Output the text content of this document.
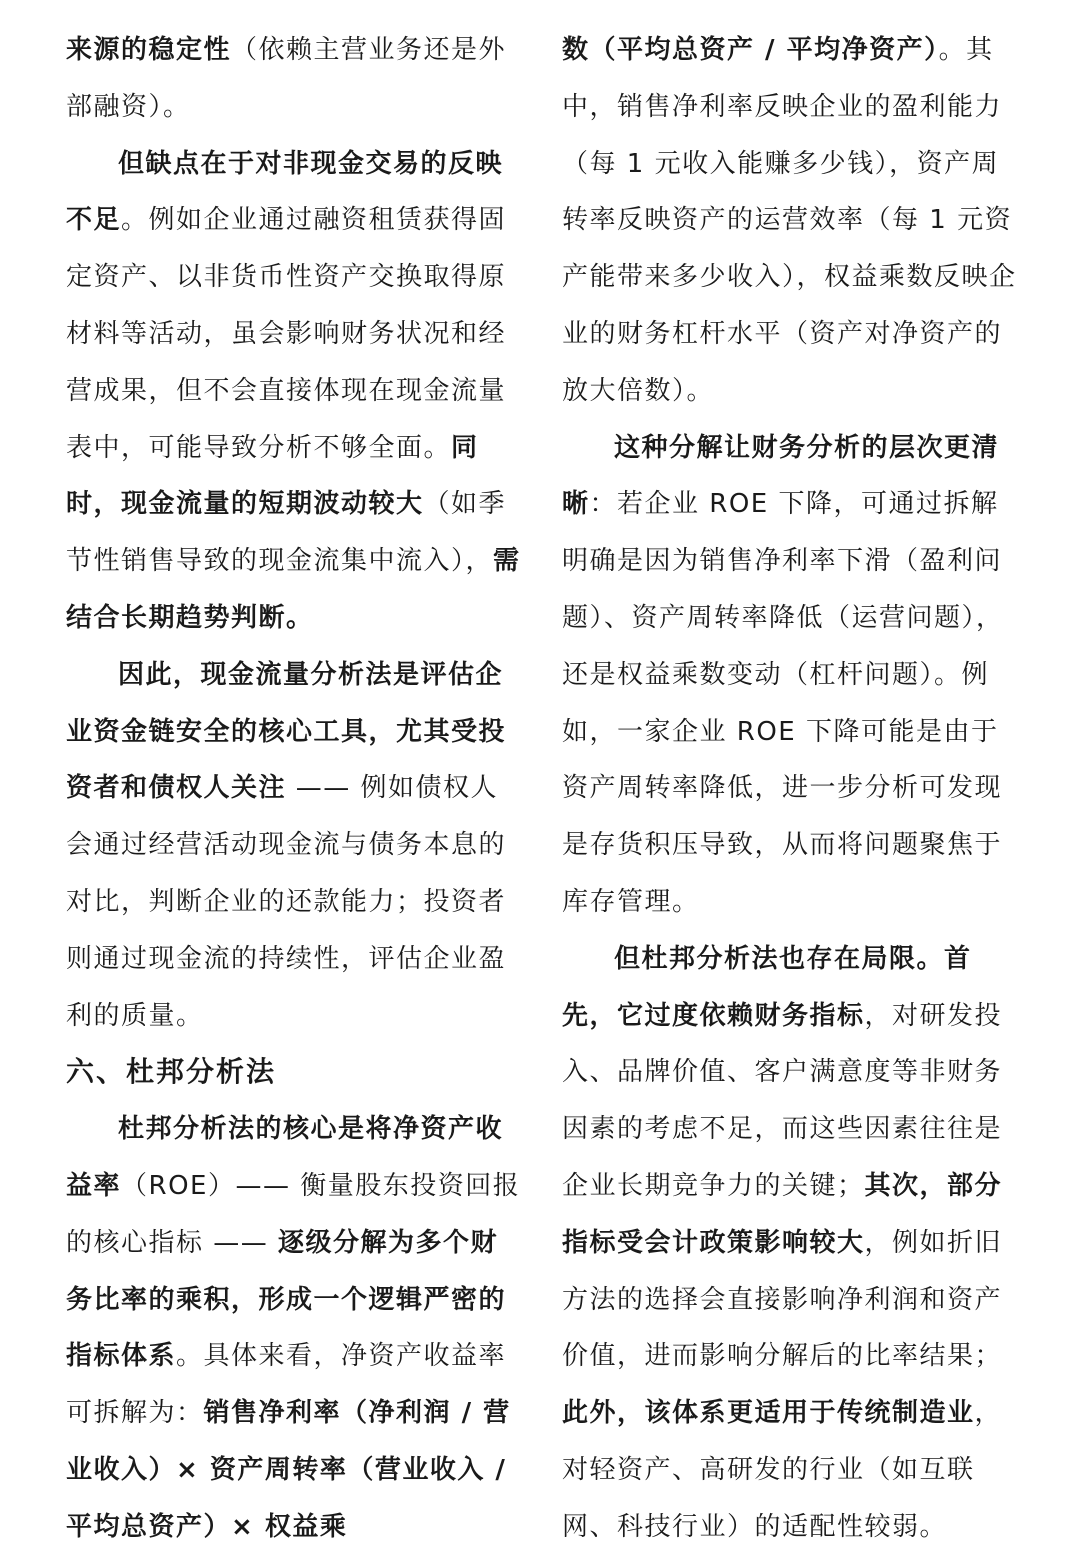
来源的稳定性（依赖主营业务还是外部融资）。

但缺点在于对非现金交易的反映不足。例如企业通过融资租赁获得固定资产、以非货币性资产交换取得原材料等活动，虽会影响财务状况和经营成果，但不会直接体现在现金流量表中，可能导致分析不够全面。同时，现金流量的短期波动较大（如季节性销售导致的现金流集中流入），需结合长期趋势判断。

因此，现金流量分析法是评估企业资金链安全的核心工具，尤其受投资者和债权人关注 —— 例如债权人会通过经营活动现金流与债务本息的对比，判断企业的还款能力；投资者则通过现金流的持续性，评估企业盈利的质量。

六、杜邦分析法

杜邦分析法的核心是将净资产收益率（ROE）—— 衡量股东投资回报的核心指标 —— 逐级分解为多个财务比率的乘积，形成一个逻辑严密的指标体系。具体来看，净资产收益率可拆解为：销售净利率（净利润 / 营业收入）× 资产周转率（营业收入 / 平均总资产）× 权益乘

数（平均总资产 / 平均净资产）。其中，销售净利率反映企业的盈利能力（每 1 元收入能赚多少钱），资产周转率反映资产的运营效率（每 1 元资产能带来多少收入），权益乘数反映企业的财务杠杆水平（资产对净资产的放大倍数）。

这种分解让财务分析的层次更清晰：若企业 ROE 下降，可通过拆解明确是因为销售净利率下滑（盈利问题）、资产周转率降低（运营问题），还是权益乘数变动（杠杆问题）。例如，一家企业 ROE 下降可能是由于资产周转率降低，进一步分析可发现是存货积压导致，从而将问题聚焦于库存管理。

但杜邦分析法也存在局限。首先，它过度依赖财务指标，对研发投入、品牌价值、客户满意度等非财务因素的考虑不足，而这些因素往往是企业长期竞争力的关键；其次，部分指标受会计政策影响较大，例如折旧方法的选择会直接影响净利润和资产价值，进而影响分解后的比率结果；此外，该体系更适用于传统制造业，对轻资产、高研发的行业（如互联网、科技行业）的适配性较弱。
